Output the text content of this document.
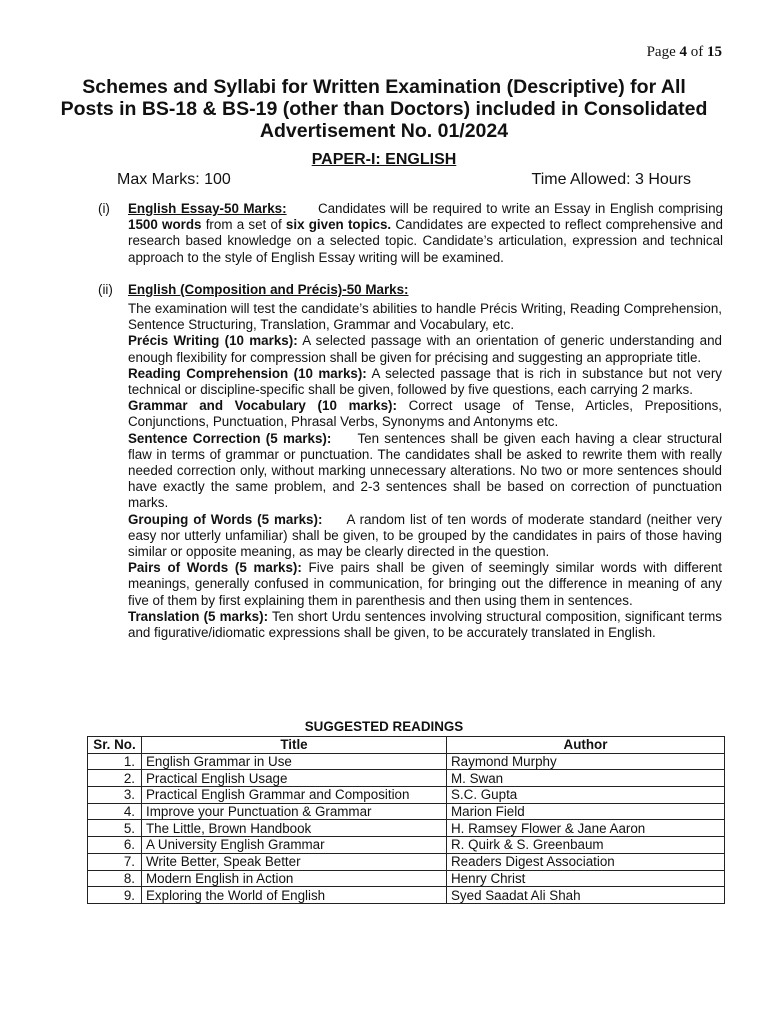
Page 4 of 15
Schemes and Syllabi for Written Examination (Descriptive) for All Posts in BS-18 & BS-19 (other than Doctors) included in Consolidated Advertisement No. 01/2024
PAPER-I: ENGLISH
Max Marks: 100	Time Allowed: 3 Hours
(i)	English Essay-50 Marks: Candidates will be required to write an Essay in English comprising 1500 words from a set of six given topics. Candidates are expected to reflect comprehensive and research based knowledge on a selected topic. Candidate’s articulation, expression and technical approach to the style of English Essay writing will be examined.
(ii) English (Composition and Précis)-50 Marks:

The examination will test the candidate’s abilities to handle Précis Writing, Reading Comprehension, Sentence Structuring, Translation, Grammar and Vocabulary, etc.

Précis Writing (10 marks): A selected passage with an orientation of generic understanding and enough flexibility for compression shall be given for précising and suggesting an appropriate title.

Reading Comprehension (10 marks): A selected passage that is rich in substance but not very technical or discipline-specific shall be given, followed by five questions, each carrying 2 marks.

Grammar and Vocabulary (10 marks): Correct usage of Tense, Articles, Prepositions, Conjunctions, Punctuation, Phrasal Verbs, Synonyms and Antonyms etc.

Sentence Correction (5 marks):     Ten sentences shall be given each having a clear structural flaw in terms of grammar or punctuation. The candidates shall be asked to rewrite them with really needed correction only, without marking unnecessary alterations. No two or more sentences should have exactly the same problem, and 2-3 sentences shall be based on correction of punctuation marks.

Grouping of Words (5 marks):     A random list of ten words of moderate standard (neither very easy nor utterly unfamiliar) shall be given, to be grouped by the candidates in pairs of those having similar or opposite meaning, as may be clearly directed in the question.

Pairs of Words (5 marks): Five pairs shall be given of seemingly similar words with different meanings, generally confused in communication, for bringing out the difference in meaning of any five of them by first explaining them in parenthesis and then using them in sentences.

Translation (5 marks): Ten short Urdu sentences involving structural composition, significant terms and figurative/idiomatic expressions shall be given, to be accurately translated in English.

SUGGESTED READINGS
Sr. No.	Title	Author
1.	English Grammar in Use	Raymond Murphy
2.	Practical English Usage	M. Swan
3.	Practical English Grammar and Composition	S.C. Gupta
4.	Improve your Punctuation & Grammar	Marion Field
5.	The Little, Brown Handbook	H. Ramsey Flower & Jane Aaron
6.	A University English Grammar	R. Quirk & S. Greenbaum
7.	Write Better, Speak Better	Readers Digest Association
8.	Modern English in Action	Henry Christ
9.	Exploring the World of English	Syed Saadat Ali Shah
